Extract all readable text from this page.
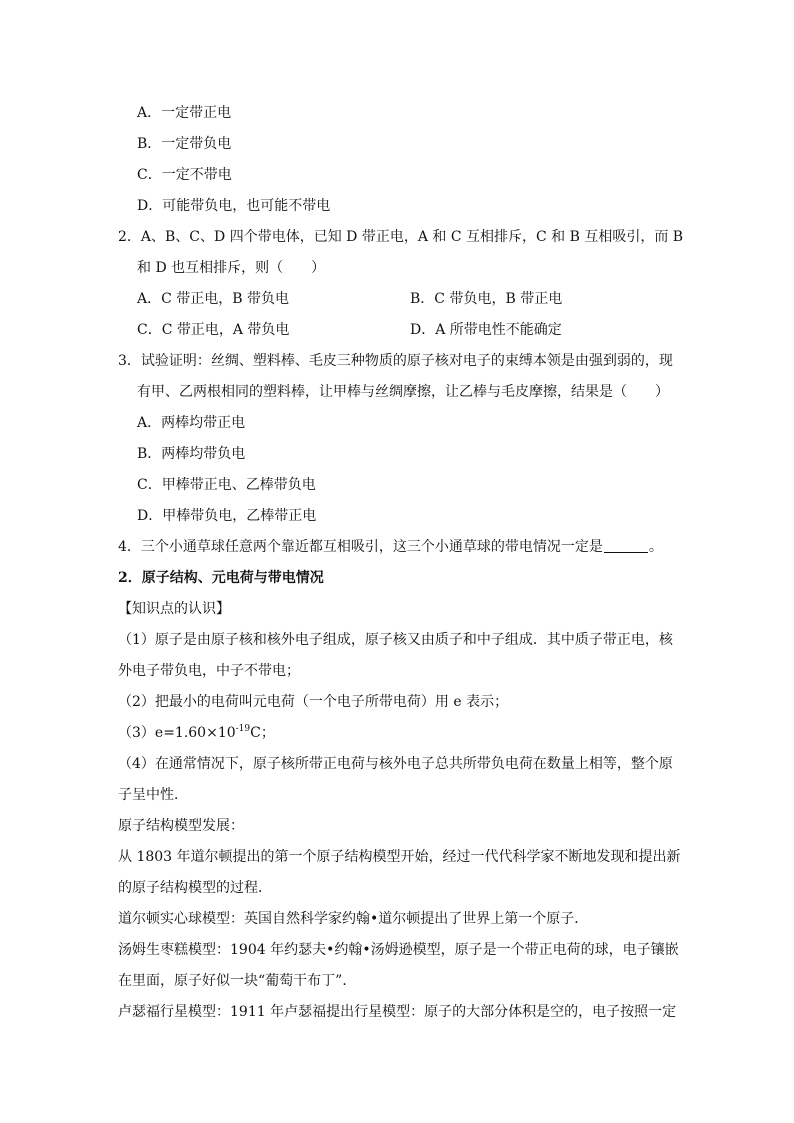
A．一定带正电
B．一定带负电
C．一定不带电
D．可能带负电，也可能不带电
2．A、B、C、D 四个带电体，已知 D 带正电，A 和 C 互相排斥，C 和 B 互相吸引，而 B
和 D 也互相排斥，则（　　）
A．C 带正电，B 带负电	B．C 带负电，B 带正电
C．C 带正电，A 带负电	D．A 所带电性不能确定
3．试验证明：丝绸、塑料棒、毛皮三种物质的原子核对电子的束缚本领是由强到弱的，现
有甲、乙两根相同的塑料棒，让甲棒与丝绸摩擦，让乙棒与毛皮摩擦，结果是（　　）
A．两棒均带正电
B．两棒均带负电
C．甲棒带正电、乙棒带负电
D．甲棒带负电，乙棒带正电
4．三个小通草球任意两个靠近都互相吸引，这三个小通草球的带电情况一定是	。
2．原子结构、元电荷与带电情况
【知识点的认识】
（1）原子是由原子核和核外电子组成，原子核又由质子和中子组成．其中质子带正电，核
外电子带负电，中子不带电；
（2）把最小的电荷叫元电荷（一个电子所带电荷）用 e 表示；
$(3)e=1.60\times 10^{-19}C$；
（4）在通常情况下，原子核所带正电荷与核外电子总共所带负电荷在数量上相等，整个原
子呈中性．
原子结构模型发展：
从 1803 年道尔顿提出的第一个原子结构模型开始，经过一代代科学家不断地发现和提出新
的原子结构模型的过程．
道尔顿实心球模型：英国自然科学家约翰•道尔顿提出了世界上第一个原子．
汤姆生枣糕模型：1904 年约瑟夫•约翰•汤姆逊模型，原子是一个带正电荷的球，电子镶嵌
在里面，原子好似一块“葡萄干布丁”．
卢瑟福行星模型：1911 年卢瑟福提出行星模型：原子的大部分体积是空的，电子按照一定
